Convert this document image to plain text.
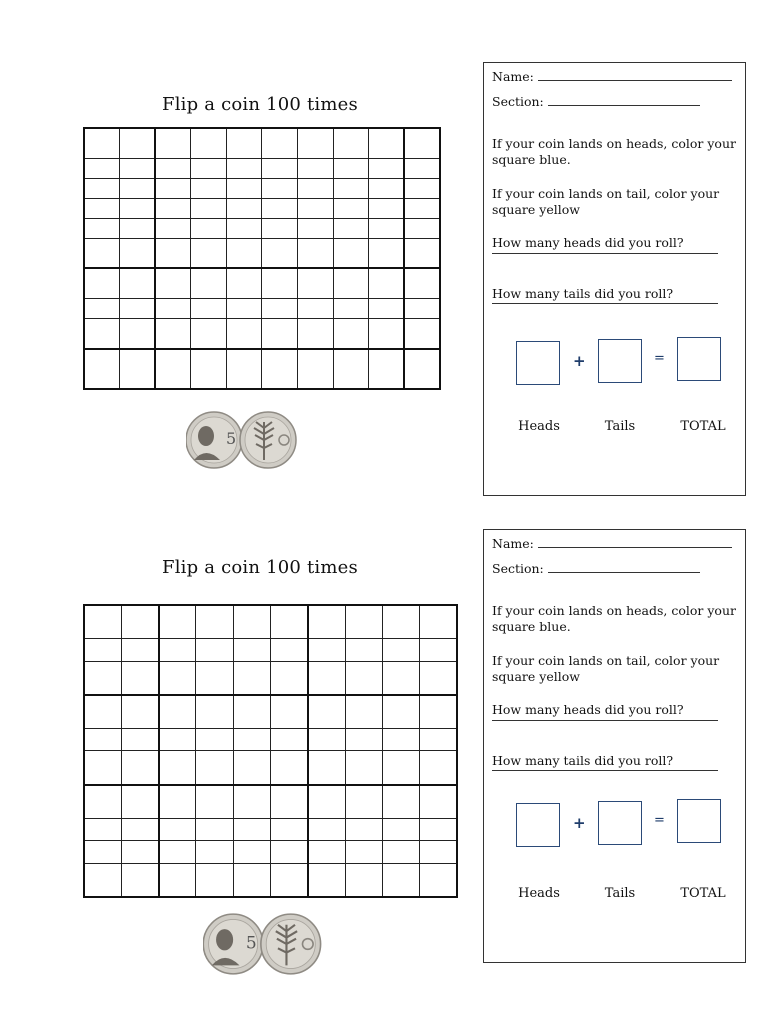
Flip a coin 100 times

5
Name:
Section:
If your coin lands on heads, color your square blue.
If your coin lands on tail, color your square yellow
How many heads did you roll?
How many tails did you roll?
+	=
Heads	Tails	TOTAL
Flip a coin 100 times

5
Name:
Section:
If your coin lands on heads, color your square blue.
If your coin lands on tail, color your square yellow
How many heads did you roll?
How many tails did you roll?
+	=
Heads	Tails	TOTAL
